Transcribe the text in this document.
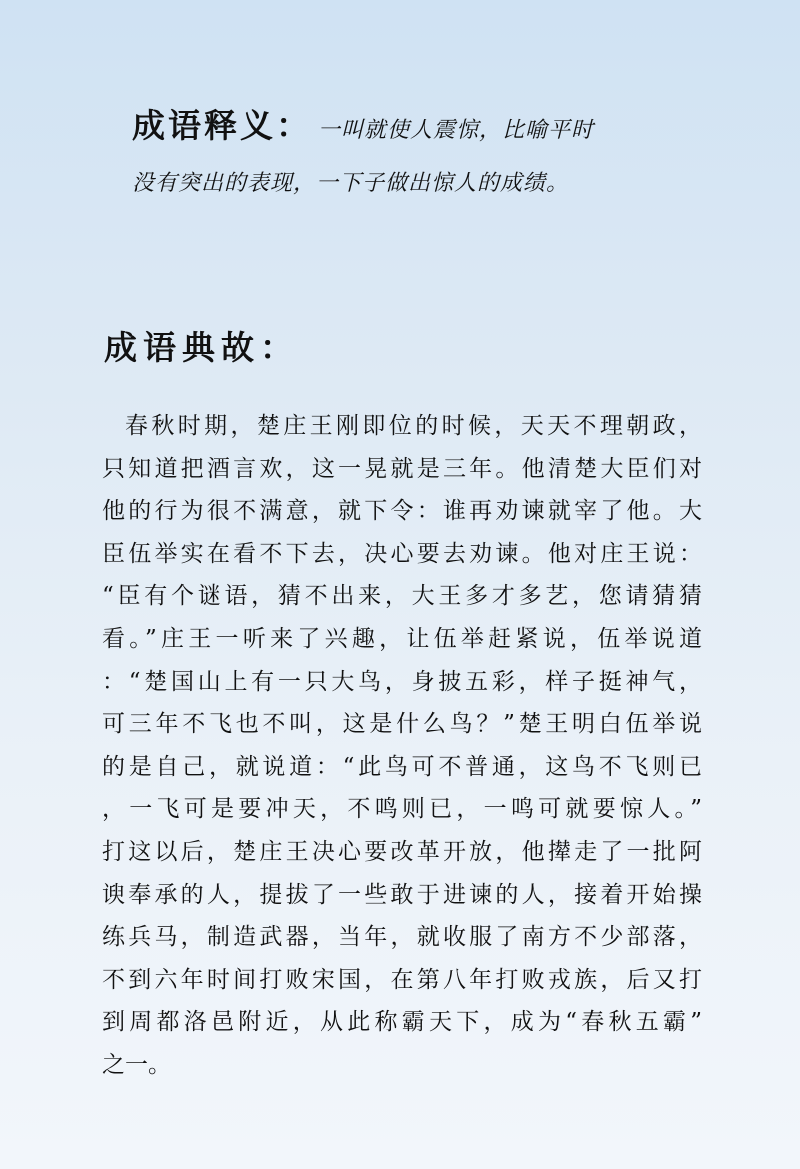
成语释义： 一叫就使人震惊，比喻平时
没有突出的表现，一下子做出惊人的成绩。
成语典故：
春秋时期，楚庄王刚即位的时候，天天不理朝政，
只知道把酒言欢，这一晃就是三年。他清楚大臣们对
他的行为很不满意，就下令：谁再劝谏就宰了他。大
臣伍举实在看不下去，决心要去劝谏。他对庄王说：
“臣有个谜语，猜不出来，大王多才多艺，您请猜猜
看。”庄王一听来了兴趣，让伍举赶紧说，伍举说道
：“楚国山上有一只大鸟，身披五彩，样子挺神气，
可三年不飞也不叫，这是什么鸟？”楚王明白伍举说
的是自己，就说道：“此鸟可不普通，这鸟不飞则已
，一飞可是要冲天，不鸣则已，一鸣可就要惊人。”
打这以后，楚庄王决心要改革开放，他撵走了一批阿
谀奉承的人，提拔了一些敢于进谏的人，接着开始操
练兵马，制造武器，当年，就收服了南方不少部落，
不到六年时间打败宋国，在第八年打败戎族，后又打
到周都洛邑附近，从此称霸天下，成为“春秋五霸”
之一。
